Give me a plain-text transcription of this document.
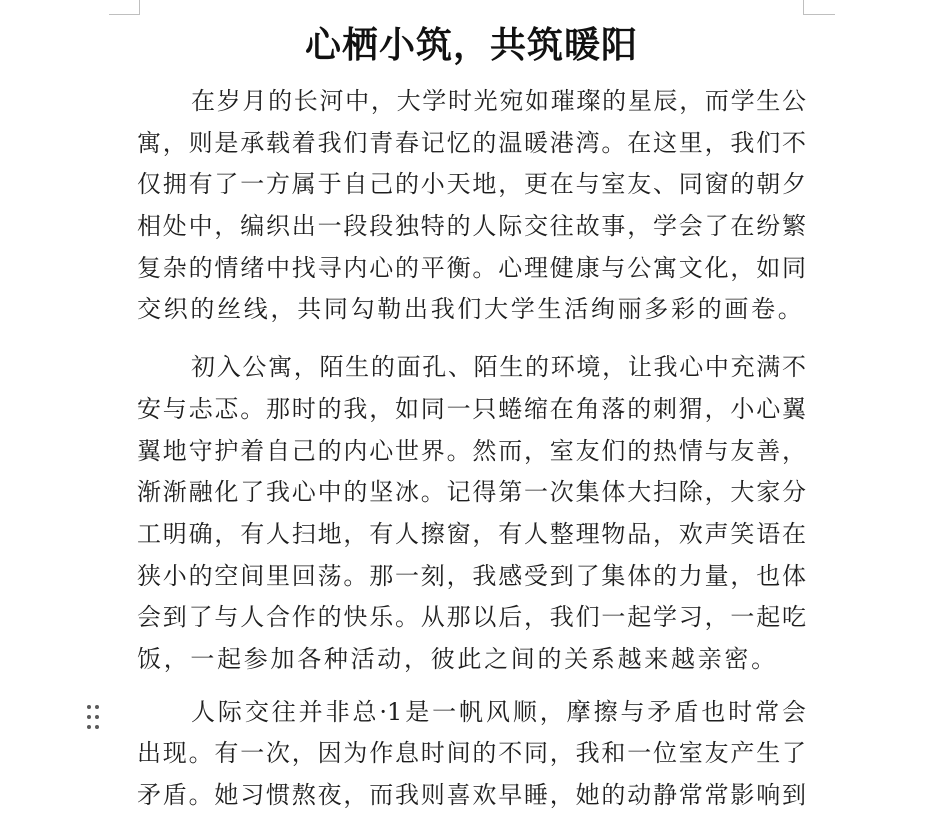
心栖小筑，共筑暖阳
在岁月的长河中，大学时光宛如璀璨的星辰，而学生公
寓，则是承载着我们青春记忆的温暖港湾。在这里，我们不
仅拥有了一方属于自己的小天地，更在与室友、同窗的朝夕
相处中，编织出一段段独特的人际交往故事，学会了在纷繁
复杂的情绪中找寻内心的平衡。心理健康与公寓文化，如同
交织的丝线，共同勾勒出我们大学生活绚丽多彩的画卷。
初入公寓，陌生的面孔、陌生的环境，让我心中充满不
安与忐忑。那时的我，如同一只蜷缩在角落的刺猬，小心翼
翼地守护着自己的内心世界。然而，室友们的热情与友善，
渐渐融化了我心中的坚冰。记得第一次集体大扫除，大家分
工明确，有人扫地，有人擦窗，有人整理物品，欢声笑语在
狭小的空间里回荡。那一刻，我感受到了集体的力量，也体
会到了与人合作的快乐。从那以后，我们一起学习，一起吃
饭，一起参加各种活动，彼此之间的关系越来越亲密。
人际交往并非总·1是一帆风顺，摩擦与矛盾也时常会
出现。有一次，因为作息时间的不同，我和一位室友产生了
矛盾。她习惯熬夜，而我则喜欢早睡，她的动静常常影响到
